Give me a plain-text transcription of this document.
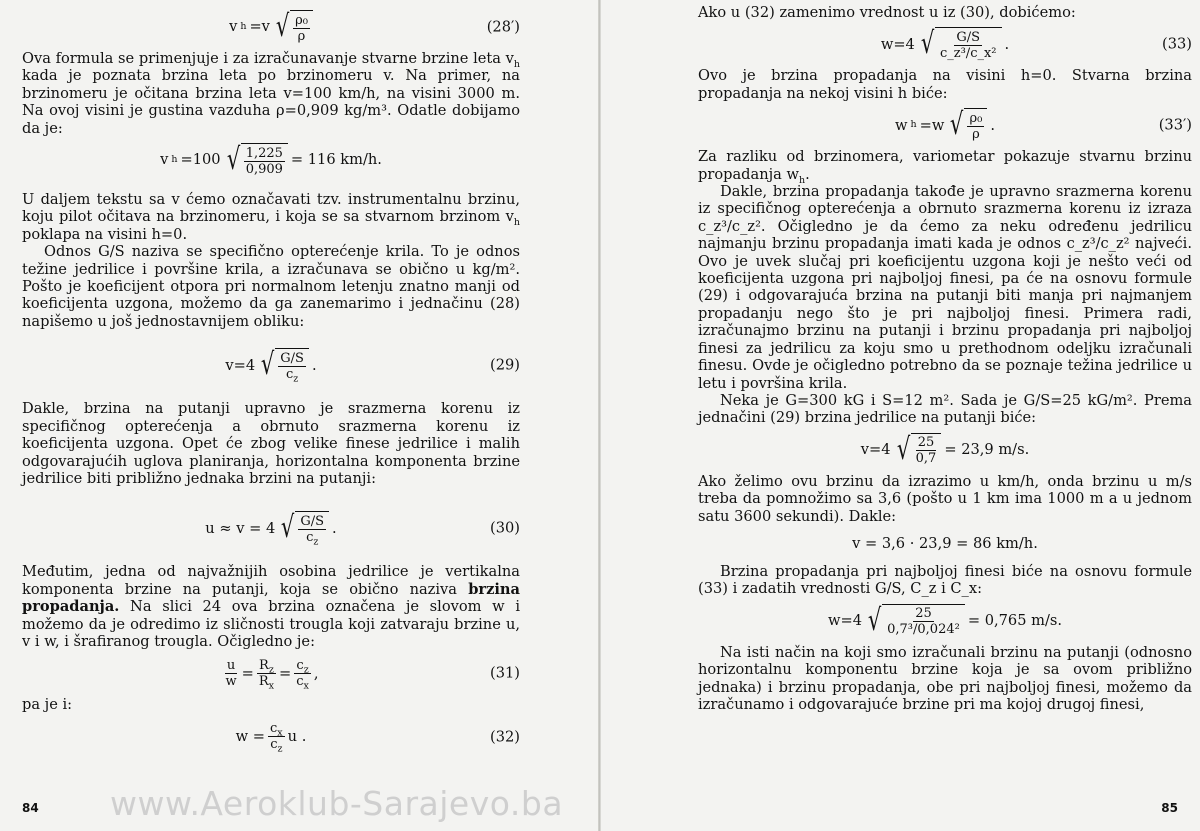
v h =v √ $\frac{\text{ρ₀}}{\rho}$	(28′)

Ova formula se primenjuje i za izračunavanje stvarne brzine leta $v_h$ kada je poznata brzina leta po brzinomeru v. Na primer, na brzinomeru je očitana brzina leta v=100 km/h, na visini 3000 m. Na ovoj visini je gustina vazduha ρ=0,909 kg/m³. Odatle dobijamo da je:

v h =100 √ $\frac{1,225}{0,909} = 116$ km/h.

U daljem tekstu sa v ćemo označavati tzv. instrumentalnu brzinu, koju pilot očitava na brzinomeru, i koja se sa stvarnom brzinom $v_h$ poklapa na visini h=0.

Odnos G/S naziva se specifično opterećenje krila. To je odnos težine jedrilice i površine krila, a izračunava se obično u kg/m². Pošto je koeficijent otpora pri normalnom letenju znatno manji od koeficijenta uzgona, možemo da ga zanemarimo i jednačinu (28) napišemo u još jednostavnijem obliku:

v=4 √ $\frac{G/S}{c_z}$ .	(29)

Dakle, brzina na putanji upravno je srazmerna korenu iz specifičnog opterećenja a obrnuto srazmerna korenu iz koeficijenta uzgona. Opet će zbog velike finese jedrilice i malih odgovarajućih uglova planiranja, horizontalna komponenta brzine jedrilice biti približno jednaka brzini na putanji:

u ≈ v = 4 √ $\frac{G/S}{c_z}$ .	(30)

Međutim, jedna od najvažnijih osobina jedrilice je vertikalna komponenta brzine na putanji, koja se obično naziva brzina propadanja. Na slici 24 ova brzina označena je slovom w i možemo da je odredimo iz sličnosti trougla koji zatvaraju brzine u, v i w, i šrafiranog trougla. Očigledno je:

$\frac{u}{w} = \frac{R_z}{R_x} = \frac{c_z}{c_x}$ ,	(31)

pa je i:

$w = \frac{c_x}{c_z}$ u .	(32)
84

Ako u (32) zamenimo vrednost u iz (30), dobićemo:

w=4 √ $\frac{G/S}{\text{c\_z³/c\_x²}}$ .	(33)

Ovo je brzina propadanja na visini h=0. Stvarna brzina propadanja na nekoj visini h biće:

w h =w √ $\frac{\text{ρ₀}}{\rho}$ .	(33′)

Za razliku od brzinomera, variometar pokazuje stvarnu brzinu propadanja $w_h$.

Dakle, brzina propadanja takođe je upravno srazmerna korenu iz specifičnog opterećenja a obrnuto srazmerna korenu iz izraza c_z³/c_z². Očigledno je da ćemo za neku određenu jedrilicu najmanju brzinu propadanja imati kada je odnos c_z³/c_z² najveći. Ovo je uvek slučaj pri koeficijentu uzgona koji je nešto veći od koeficijenta uzgona pri najboljoj finesi, pa će na osnovu formule (29) i odgovarajuća brzina na putanji biti manja pri najmanjem propadanju nego što je pri najboljoj finesi. Primera radi, izračunajmo brzinu na putanji i brzinu propadanja pri najboljoj finesi za jedrilicu za koju smo u prethodnom odeljku izračunali finesu. Ovde je očigledno potrebno da se poznaje težina jedrilice u letu i površina krila.

Neka je G=300 kG i S=12 m². Sada je G/S=25 kG/m². Prema jednačini (29) brzina jedrilice na putanji biće:

v=4 √ $\frac{25}{0,7} = 23,9$ m/s.

Ako želimo ovu brzinu da izrazimo u km/h, onda brzinu u m/s treba da pomnožimo sa 3,6 (pošto u 1 km ima 1000 m a u jednom satu 3600 sekundi). Dakle:

v = 3,6 · 23,9 = 86 km/h.

Brzina propadanja pri najboljoj finesi biće na osnovu formule (33) i zadatih vrednosti G/S, C_z i C_x:

w=4 √ $\frac{25}{\text{0,7³/0,024²}} = 0,765$ m/s.

Na isti način na koji smo izračunali brzinu na putanji (odnosno horizontalnu komponentu brzine koja je sa ovom približno jednaka) i brzinu propadanja, obe pri najboljoj finesi, možemo da izračunamo i odgovarajuće brzine pri ma kojoj drugoj finesi,

85
www.Aeroklub-Sarajevo.ba
